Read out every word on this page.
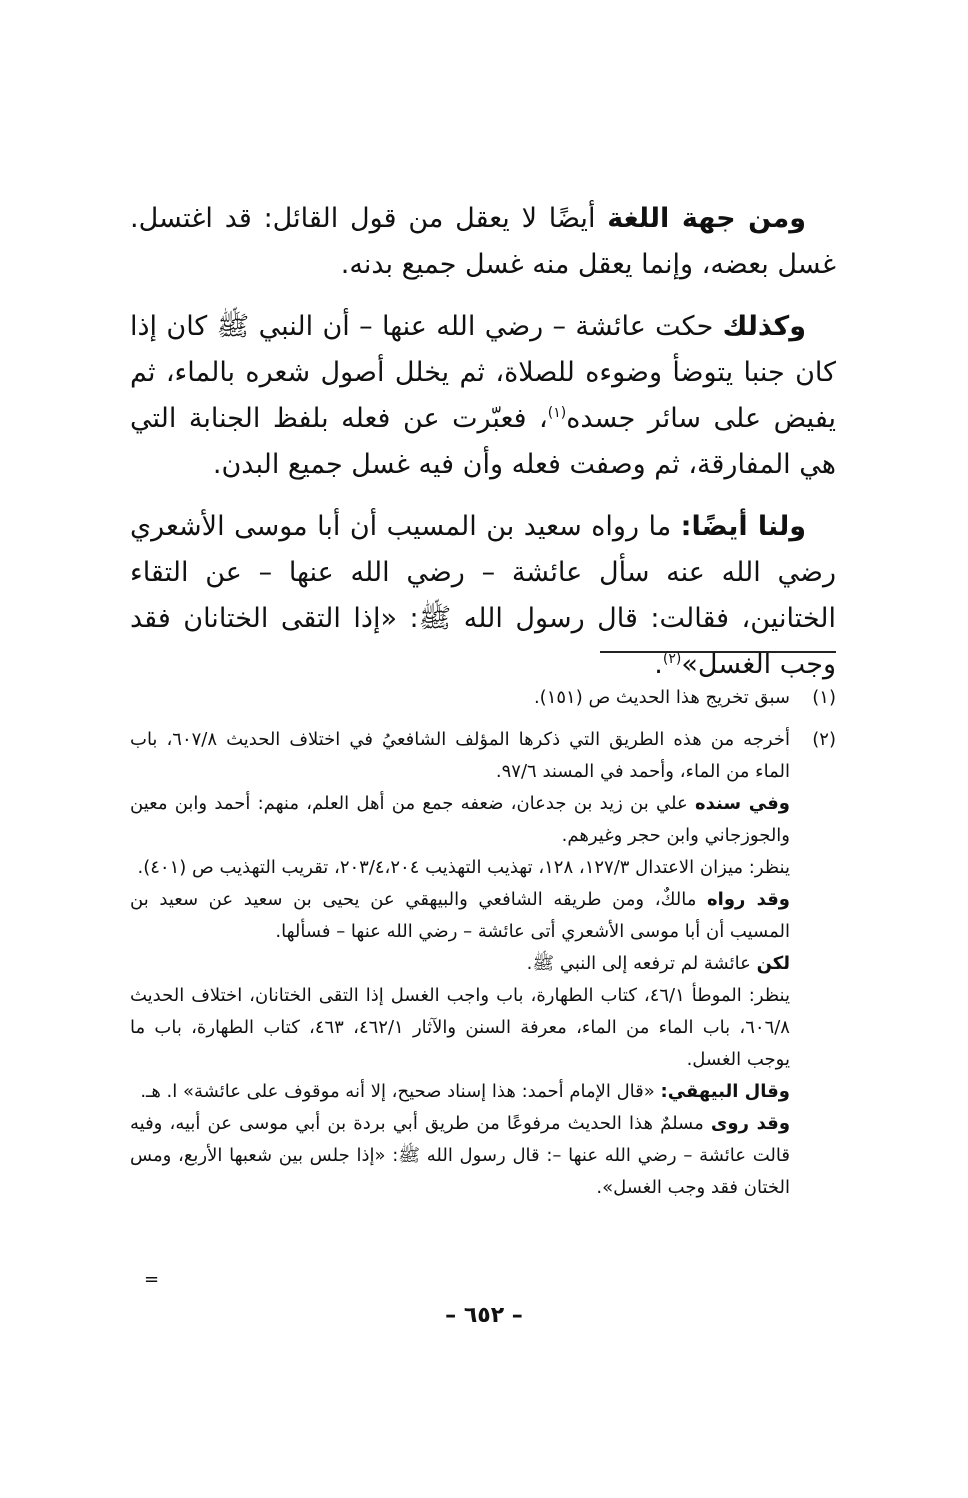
ومن جهة اللغة أيضًا لا يعقل من قول القائل: قد اغتسل. غسل بعضه، وإنما يعقل منه غسل جميع بدنه.

وكذلك حكت عائشة – رضي الله عنها – أن النبي ﷺ كان إذا كان جنبا يتوضأ وضوءه للصلاة، ثم يخلل أصول شعره بالماء، ثم يفيض على سائر جسده$^{(١)}$، فعبّرت عن فعله بلفظ الجنابة التي هي المفارقة، ثم وصفت فعله وأن فيه غسل جميع البدن.

ولنا أيضًا: ما رواه سعيد بن المسيب أن أبا موسى الأشعري رضي الله عنه سأل عائشة – رضي الله عنها – عن التقاء الختانين، فقالت: قال رسول الله ﷺ: «إذا التقى الختانان فقد وجب الغسل»$^{(٢)}$.

(١)

سبق تخريج هذا الحديث ص (١٥١).

(٢)

أخرجه من هذه الطريق التي ذكرها المؤلف الشافعيُ في اختلاف الحديث ٦٠٧/٨، باب الماء من الماء، وأحمد في المسند ٩٧/٦.

وفي سنده علي بن زيد بن جدعان، ضعفه جمع من أهل العلم، منهم: أحمد وابن معين والجوزجاني وابن حجر وغيرهم.

ينظر: ميزان الاعتدال ١٢٧/٣، ١٢٨، تهذيب التهذيب ٢٠٣/٤،٢٠٤، تقريب التهذيب ص (٤٠١).

وقد رواه مالكٌ، ومن طريقه الشافعي والبيهقي عن يحيى بن سعيد عن سعيد بن المسيب أن أبا موسى الأشعري أتى عائشة – رضي الله عنها – فسألها.

لكن عائشة لم ترفعه إلى النبي ﷺ.

ينظر: الموطأ ٤٦/١، كتاب الطهارة، باب واجب الغسل إذا التقى الختانان، اختلاف الحديث ٦٠٦/٨، باب الماء من الماء، معرفة السنن والآثار ٤٦٢/١، ٤٦٣، كتاب الطهارة، باب ما يوجب الغسل.

وقال البيهقي: «قال الإمام أحمد: هذا إسناد صحيح، إلا أنه موقوف على عائشة» ا. هـ.

وقد روى مسلمٌ هذا الحديث مرفوعًا من طريق أبي بردة بن أبي موسى عن أبيه، وفيه قالت عائشة – رضي الله عنها –: قال رسول الله ﷺ: «إذا جلس بين شعبها الأربع، ومس الختان فقد وجب الغسل».

=
– ٦٥٢ –
